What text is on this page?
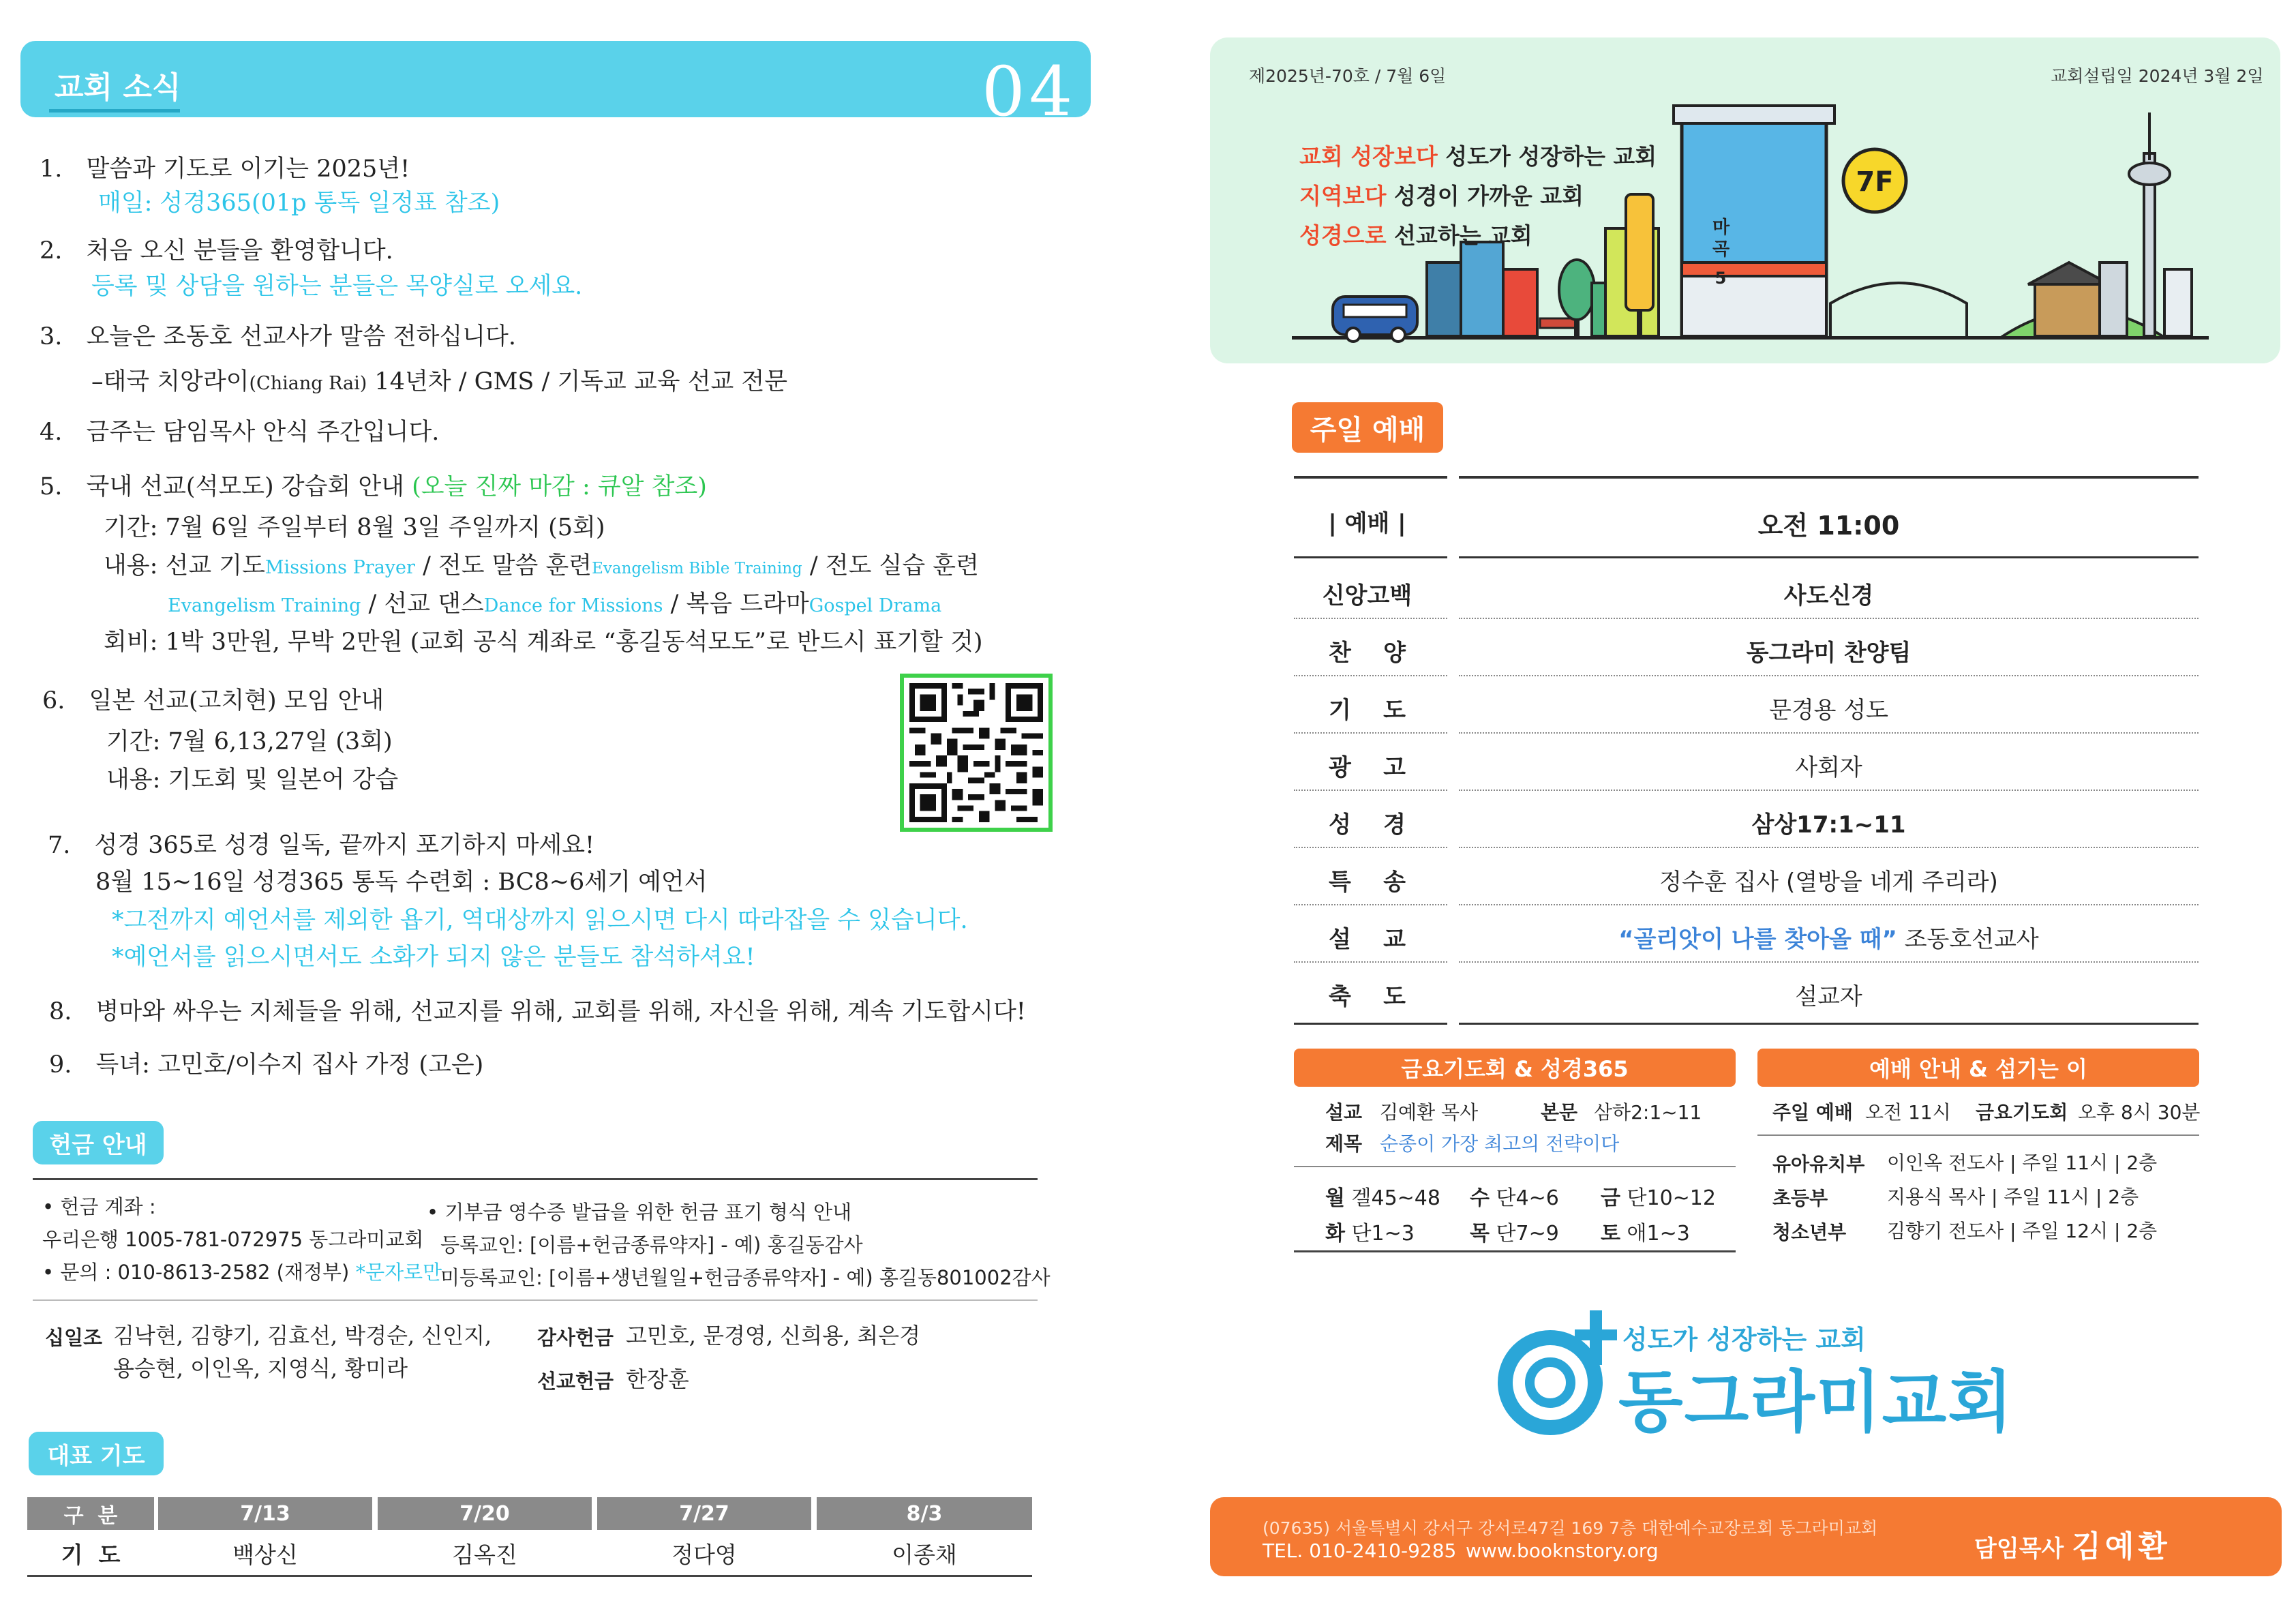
교회 소식	04
1. 말씀과 기도로 이기는 2025년!
매일: 성경365(01p 통독 일정표 참조)
2. 처음 오신 분들을 환영합니다.
등록 및 상담을 원하는 분들은 목양실로 오세요.
3. 오늘은 조동호 선교사가 말씀 전하십니다.
–태국 치앙라이(Chiang Rai) 14년차 / GMS / 기독교 교육 선교 전문
4. 금주는 담임목사 안식 주간입니다.
5. 국내 선교(석모도) 강습회 안내 (오늘 진짜 마감 : 큐알 참조)
기간: 7월 6일 주일부터 8월 3일 주일까지 (5회)
내용: 선교 기도Missions Prayer / 전도 말씀 훈련Evangelism Bible Training / 전도 실습 훈련
Evangelism Training / 선교 댄스Dance for Missions / 복음 드라마Gospel Drama
회비: 1박 3만원, 무박 2만원 (교회 공식 계좌로 “홍길동석모도”로 반드시 표기할 것)
6. 일본 선교(고치현) 모임 안내
기간: 7월 6,13,27일 (3회)
내용: 기도회 및 일본어 강습
7. 성경 365로 성경 일독, 끝까지 포기하지 마세요!
8월 15~16일 성경365 통독 수련회 : BC8~6세기 예언서
*그전까지 예언서를 제외한 욥기, 역대상까지 읽으시면 다시 따라잡을 수 있습니다.
*예언서를 읽으시면서도 소화가 되지 않은 분들도 참석하셔요!
8. 병마와 싸우는 지체들을 위해, 선교지를 위해, 교회를 위해, 자신을 위해, 계속 기도합시다!
9. 득녀: 고민호/이수지 집사 가정 (고은)
헌금 안내
• 헌금 계좌 :
우리은행 1005-781-072975 동그라미교회
• 문의 : 010-8613-2582 (재정부) *문자로만
• 기부금 영수증 발급을 위한 헌금 표기 형식 안내
등록교인: [이름+헌금종류약자] - 예) 홍길동감사
미등록교인: [이름+생년월일+헌금종류약자] - 예) 홍길동801002감사
십일조 김낙현, 김향기, 김효선, 박경순, 신인지,
용승현, 이인옥, 지영식, 황미라
감사헌금 고민호, 문경영, 신희용, 최은경
선교헌금 한장훈
대표 기도
구  분	7/13	7/20	7/27	8/3
기  도	백상신	김옥진	정다영	이종채
마곡
5
7F
제2025년-70호 / 7월 6일	교회설립일 2024년 3월 2일
교회 성장보다 성도가 성장하는 교회
지역보다 성경이 가까운 교회
성경으로 선교하는 교회
주일 예배
| 예배 |	오전 11:00
신앙고백	사도신경
찬    양	동그라미 찬양팀
기    도	문경용 성도
광    고	사회자
성    경	삼상17:1~11
특    송	정수훈 집사 (열방을 네게 주리라)
설    교	“골리앗이 나를 찾아올 때” 조동호선교사
축    도	설교자
금요기도회 & 성경365
설교 김예환 목사	본문 삼하2:1~11
제목 순종이 가장 최고의 전략이다
월 겔45~48 수 단4~6 금 단10~12
화 단1~3	목 단7~9 토 애1~3
예배 안내 & 섬기는 이
주일 예배 오전 11시 금요기도회 오후 8시 30분
유아유치부 이인옥 전도사 | 주일 11시 | 2층
초등부	지용식 목사 | 주일 11시 | 2층
청소년부 김향기 전도사 | 주일 12시 | 2층
성도가 성장하는 교회
동그라미교회
(07635) 서울특별시 강서구 강서로47길 169 7층 대한예수교장로회 동그라미교회
TEL. 010-2410-9285 www.booknstory.org	담임목사 김예환
